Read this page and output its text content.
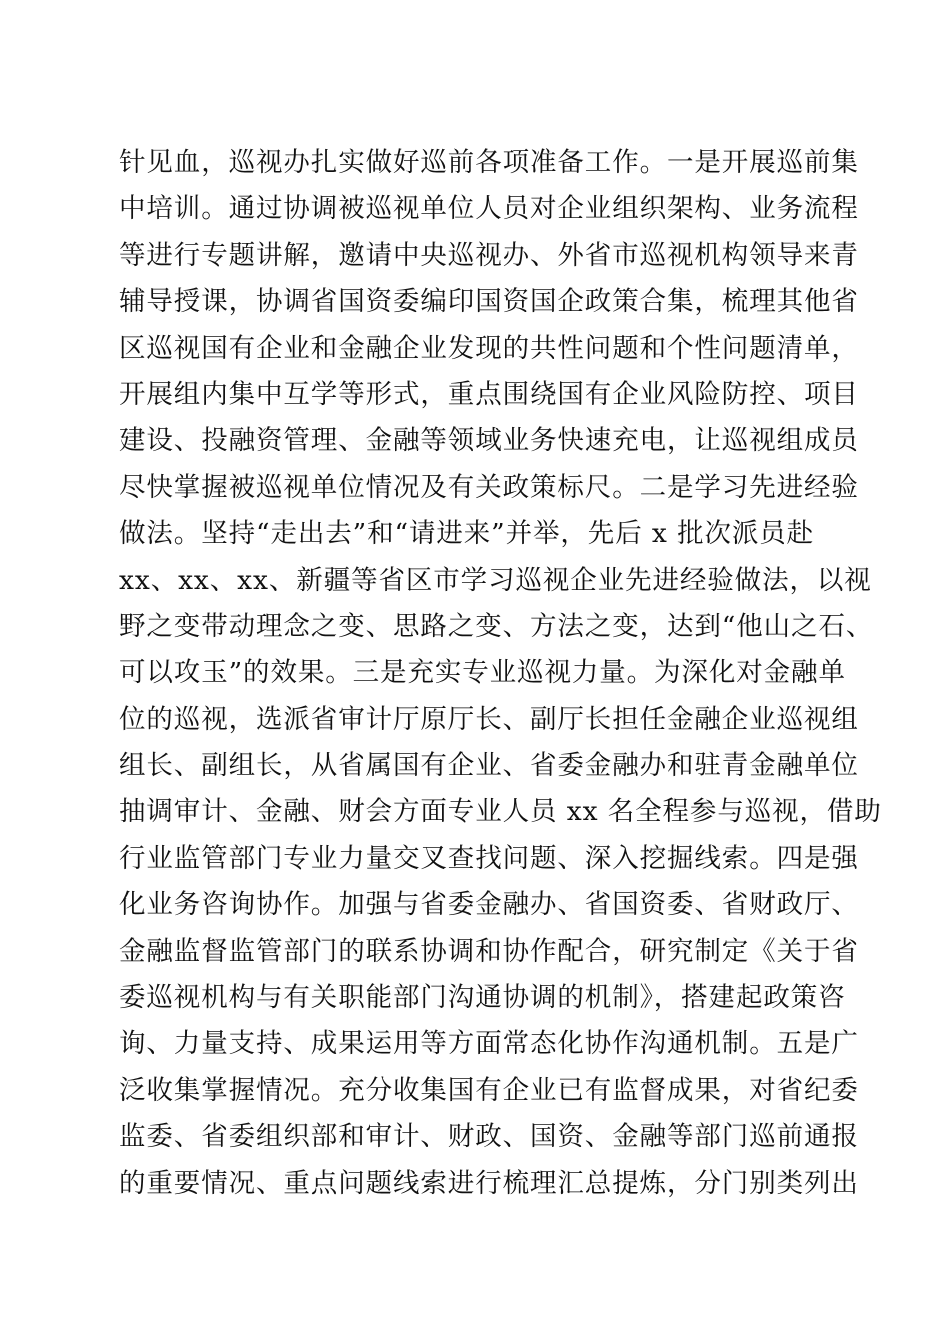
针见血，巡视办扎实做好巡前各项准备工作。一是开展巡前集
中培训。通过协调被巡视单位人员对企业组织架构、业务流程
等进行专题讲解，邀请中央巡视办、外省市巡视机构领导来青
辅导授课，协调省国资委编印国资国企政策合集，梳理其他省
区巡视国有企业和金融企业发现的共性问题和个性问题清单，
开展组内集中互学等形式，重点围绕国有企业风险防控、项目
建设、投融资管理、金融等领域业务快速充电，让巡视组成员
尽快掌握被巡视单位情况及有关政策标尺。二是学习先进经验
做法。坚持“走出去”和“请进来”并举，先后 x 批次派员赴
xx、xx、xx、新疆等省区市学习巡视企业先进经验做法，以视
野之变带动理念之变、思路之变、方法之变，达到“他山之石、
可以攻玉”的效果。三是充实专业巡视力量。为深化对金融单
位的巡视，选派省审计厅原厅长、副厅长担任金融企业巡视组
组长、副组长，从省属国有企业、省委金融办和驻青金融单位
抽调审计、金融、财会方面专业人员 xx 名全程参与巡视，借助
行业监管部门专业力量交叉查找问题、深入挖掘线索。四是强
化业务咨询协作。加强与省委金融办、省国资委、省财政厅、
金融监督监管部门的联系协调和协作配合，研究制定《关于省
委巡视机构与有关职能部门沟通协调的机制》，搭建起政策咨
询、力量支持、成果运用等方面常态化协作沟通机制。五是广
泛收集掌握情况。充分收集国有企业已有监督成果，对省纪委
监委、省委组织部和审计、财政、国资、金融等部门巡前通报
的重要情况、重点问题线索进行梳理汇总提炼，分门别类列出
